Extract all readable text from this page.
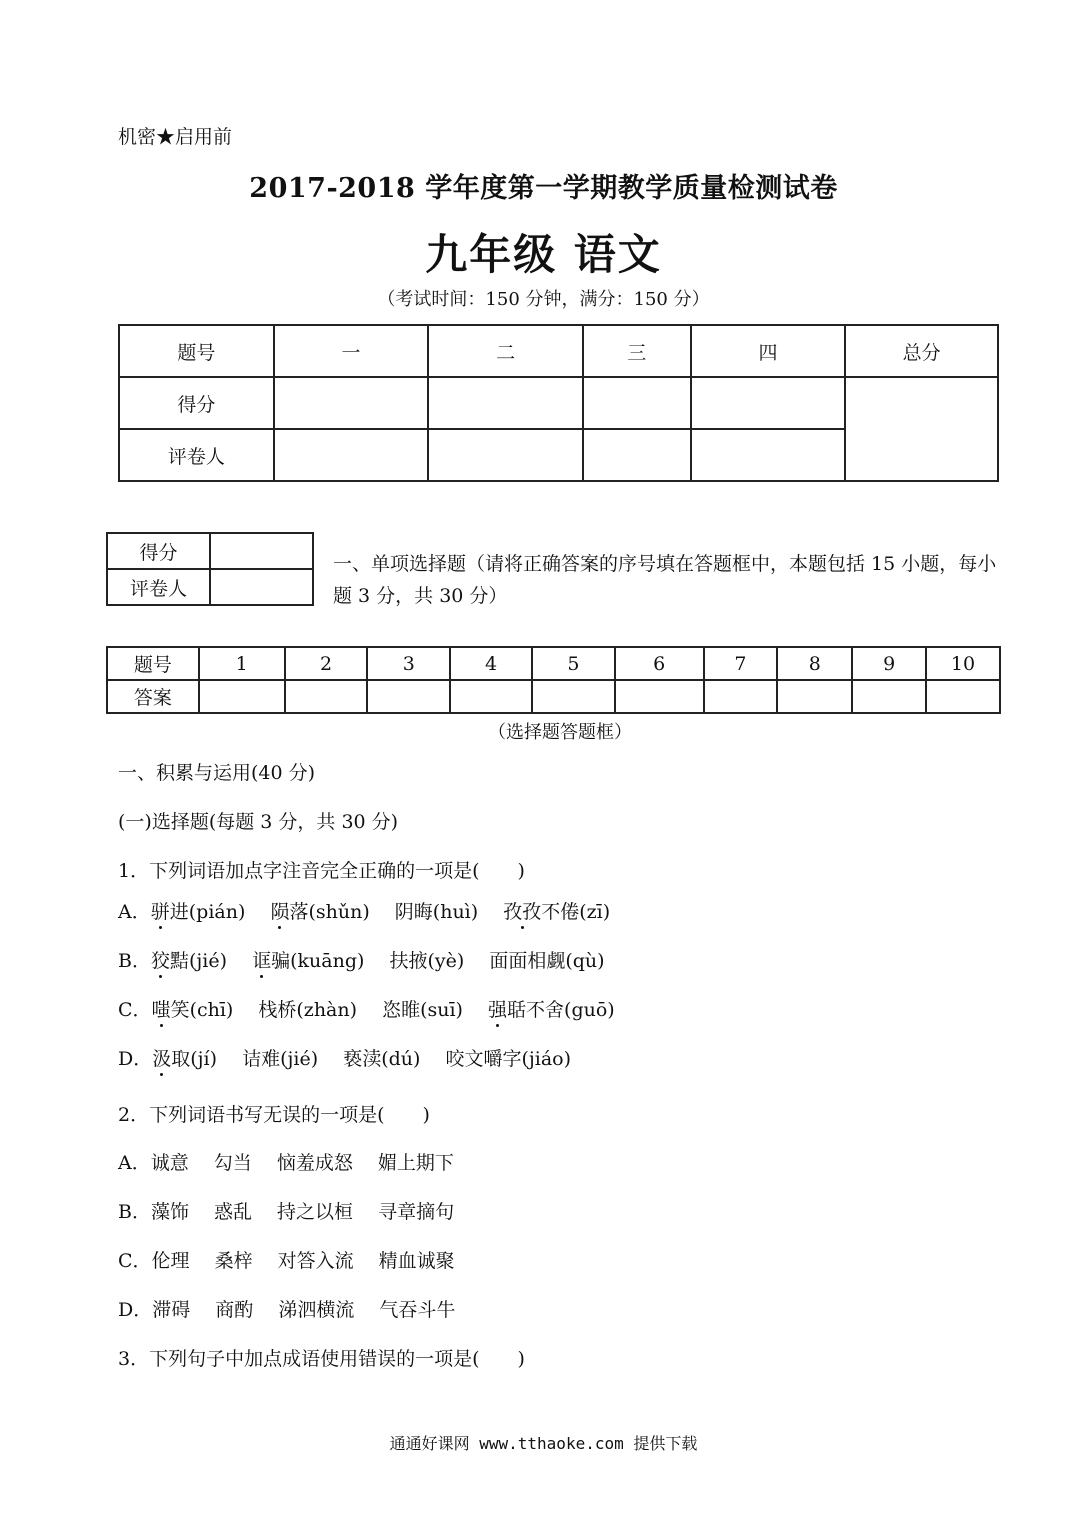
机密★启用前
2017-2018 学年度第一学期教学质量检测试卷
九年级 语文
（考试时间：150 分钟，满分：150 分）
题号	一	二	三	四	总分
得分					
评卷人					
得分	
评卷人	
一、单项选择题（请将正确答案的序号填在答题框中，本题包括 15 小题，每小题 3 分，共 30 分）
题号	1	2	3	4	5	6	7	8	9	10
答案										
（选择题答题框）
一、积累与运用(40 分)
(一)选择题(每题 3 分，共 30 分)
1．下列词语加点字注音完全正确的一项是(　　)
A．骈进(pián)　 陨落(shǔn)　 阴晦(huì)　 孜孜不倦(zī)
B．狡黠(jié)　 诓骗(kuāng)　 扶掖(yè)　 面面相觑(qù)
C．嗤笑(chī)　 栈桥(zhàn)　 恣睢(suī)　 强聒不舍(guō)
D．汲取(jí)　 诘难(jié)　 亵渎(dú)　 咬文嚼字(jiáo)
2．下列词语书写无误的一项是(　　)
A．诚意　 勾当　 恼羞成怒　 媚上期下
B．藻饰　 惑乱　 持之以桓　 寻章摘句
C．伦理　 桑梓　 对答入流　 精血诚聚
D．滞碍　 商酌　 涕泗横流　 气吞斗牛
3．下列句子中加点成语使用错误的一项是(　　)
通通好课网 www.tthaoke.com 提供下载
